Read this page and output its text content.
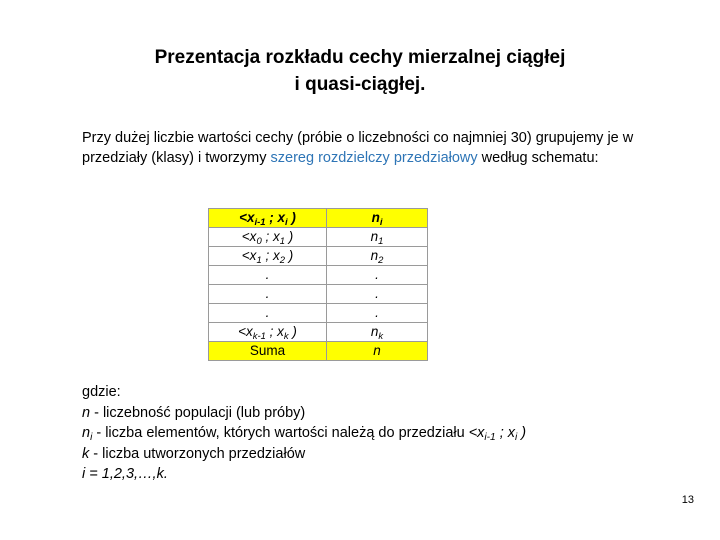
Prezentacja rozkładu cechy mierzalnej ciągłej
i quasi-ciągłej.
Przy dużej liczbie wartości cechy (próbie o liczebności co najmniej 30) grupujemy je w przedziały (klasy) i tworzymy szereg rozdzielczy przedziałowy według schematu:
$<x_{i-1}$ ; $x_i$ )	$n_i$
$<x_0$ ; $x_1$ )	$n_1$
$<x_1$ ; $x_2$ )	$n_2$
.	.
.	.
.	.
$<x_{k-1}$ ; $x_k$ )	$n_k$
Suma	n
gdzie:
n - liczebność populacji (lub próby)
$n_i$ - liczba elementów, których wartości należą do przedziału $<x_{i-1}$ ; $x_i$ )
k - liczba utworzonych przedziałów
i = 1,2,3,…,k.
13
